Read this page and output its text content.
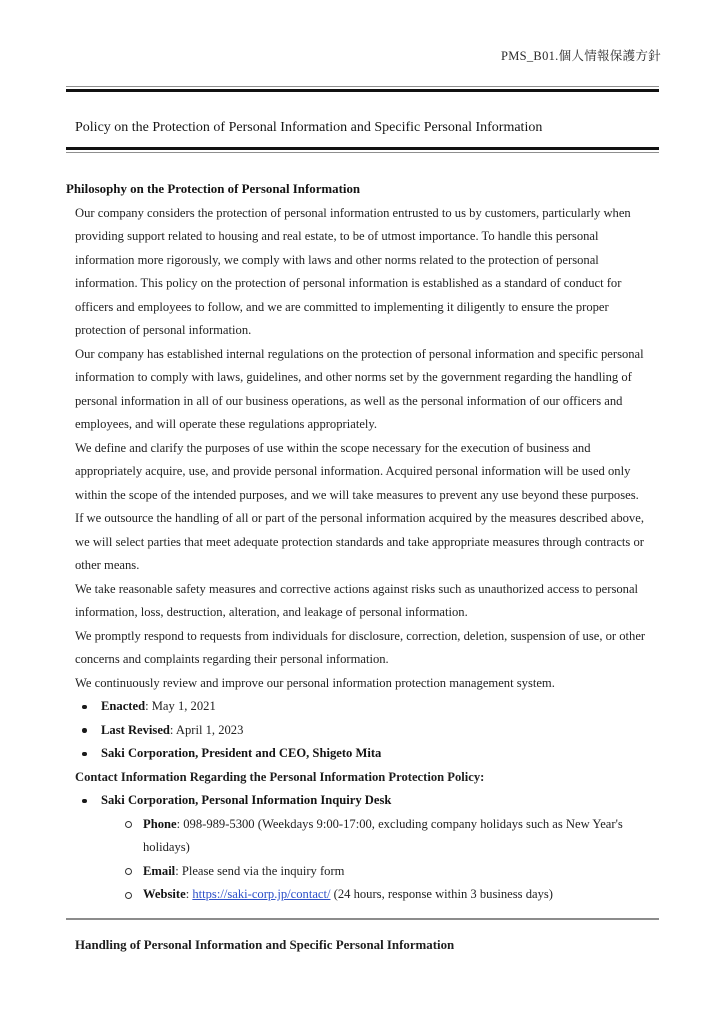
PMS_B01.個人情報保護方針
Policy on the Protection of Personal Information and Specific Personal Information
Philosophy on the Protection of Personal Information

Our company considers the protection of personal information entrusted to us by customers, particularly when providing support related to housing and real estate, to be of utmost importance. To handle this personal information more rigorously, we comply with laws and other norms related to the protection of personal information. This policy on the protection of personal information is established as a standard of conduct for officers and employees to follow, and we are committed to implementing it diligently to ensure the proper protection of personal information.

Our company has established internal regulations on the protection of personal information and specific personal information to comply with laws, guidelines, and other norms set by the government regarding the handling of personal information in all of our business operations, as well as the personal information of our officers and employees, and will operate these regulations appropriately.

We define and clarify the purposes of use within the scope necessary for the execution of business and appropriately acquire, use, and provide personal information. Acquired personal information will be used only within the scope of the intended purposes, and we will take measures to prevent any use beyond these purposes.

If we outsource the handling of all or part of the personal information acquired by the measures described above, we will select parties that meet adequate protection standards and take appropriate measures through contracts or other means.

We take reasonable safety measures and corrective actions against risks such as unauthorized access to personal information, loss, destruction, alteration, and leakage of personal information.

We promptly respond to requests from individuals for disclosure, correction, deletion, suspension of use, or other concerns and complaints regarding their personal information.

We continuously review and improve our personal information protection management system.

Enacted: May 1, 2021
Last Revised: April 1, 2023
Saki Corporation, President and CEO, Shigeto Mita
Contact Information Regarding the Personal Information Protection Policy:
Saki Corporation, Personal Information Inquiry Desk
Phone: 098-989-5300 (Weekdays 9:00-17:00, excluding company holidays such as New Year's holidays)
Email: Please send via the inquiry form
Website: https://saki-corp.jp/contact/ (24 hours, response within 3 business days)
Handling of Personal Information and Specific Personal Information
